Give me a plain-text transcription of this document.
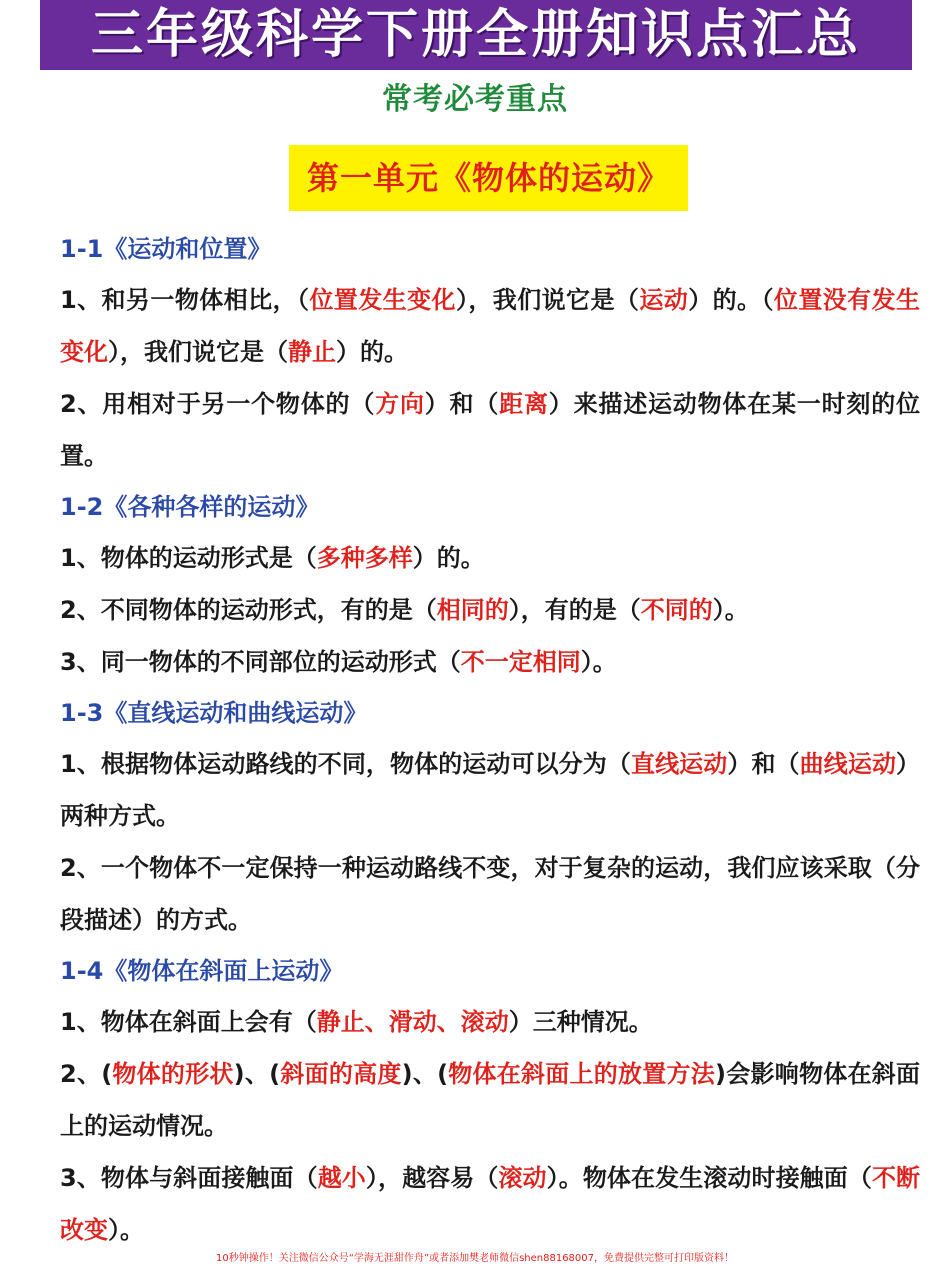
三年级科学下册全册知识点汇总
常考必考重点
第一单元《物体的运动》
1-1《运动和位置》
1、和另一物体相比，（位置发生变化），我们说它是（运动）的。（位置没有发生变化），我们说它是（静止）的。
2、用相对于另一个物体的（方向）和（距离）来描述运动物体在某一时刻的位置。
1-2《各种各样的运动》
1、物体的运动形式是（多种多样）的。
2、不同物体的运动形式，有的是（相同的），有的是（不同的）。
3、同一物体的不同部位的运动形式（不一定相同）。
1-3《直线运动和曲线运动》
1、根据物体运动路线的不同，物体的运动可以分为（直线运动）和（曲线运动）两种方式。
2、一个物体不一定保持一种运动路线不变，对于复杂的运动，我们应该采取（分段描述）的方式。
1-4《物体在斜面上运动》
1、物体在斜面上会有（静止、滑动、滚动）三种情况。
2、(物体的形状)、(斜面的高度)、(物体在斜面上的放置方法)会影响物体在斜面上的运动情况。
3、物体与斜面接触面（越小），越容易（滚动）。物体在发生滚动时接触面（不断改变）。
10秒钟操作！关注微信公众号“学海无涯甜作舟”或者添加樊老师微信shen88168007，免费提供完整可打印版资料！
